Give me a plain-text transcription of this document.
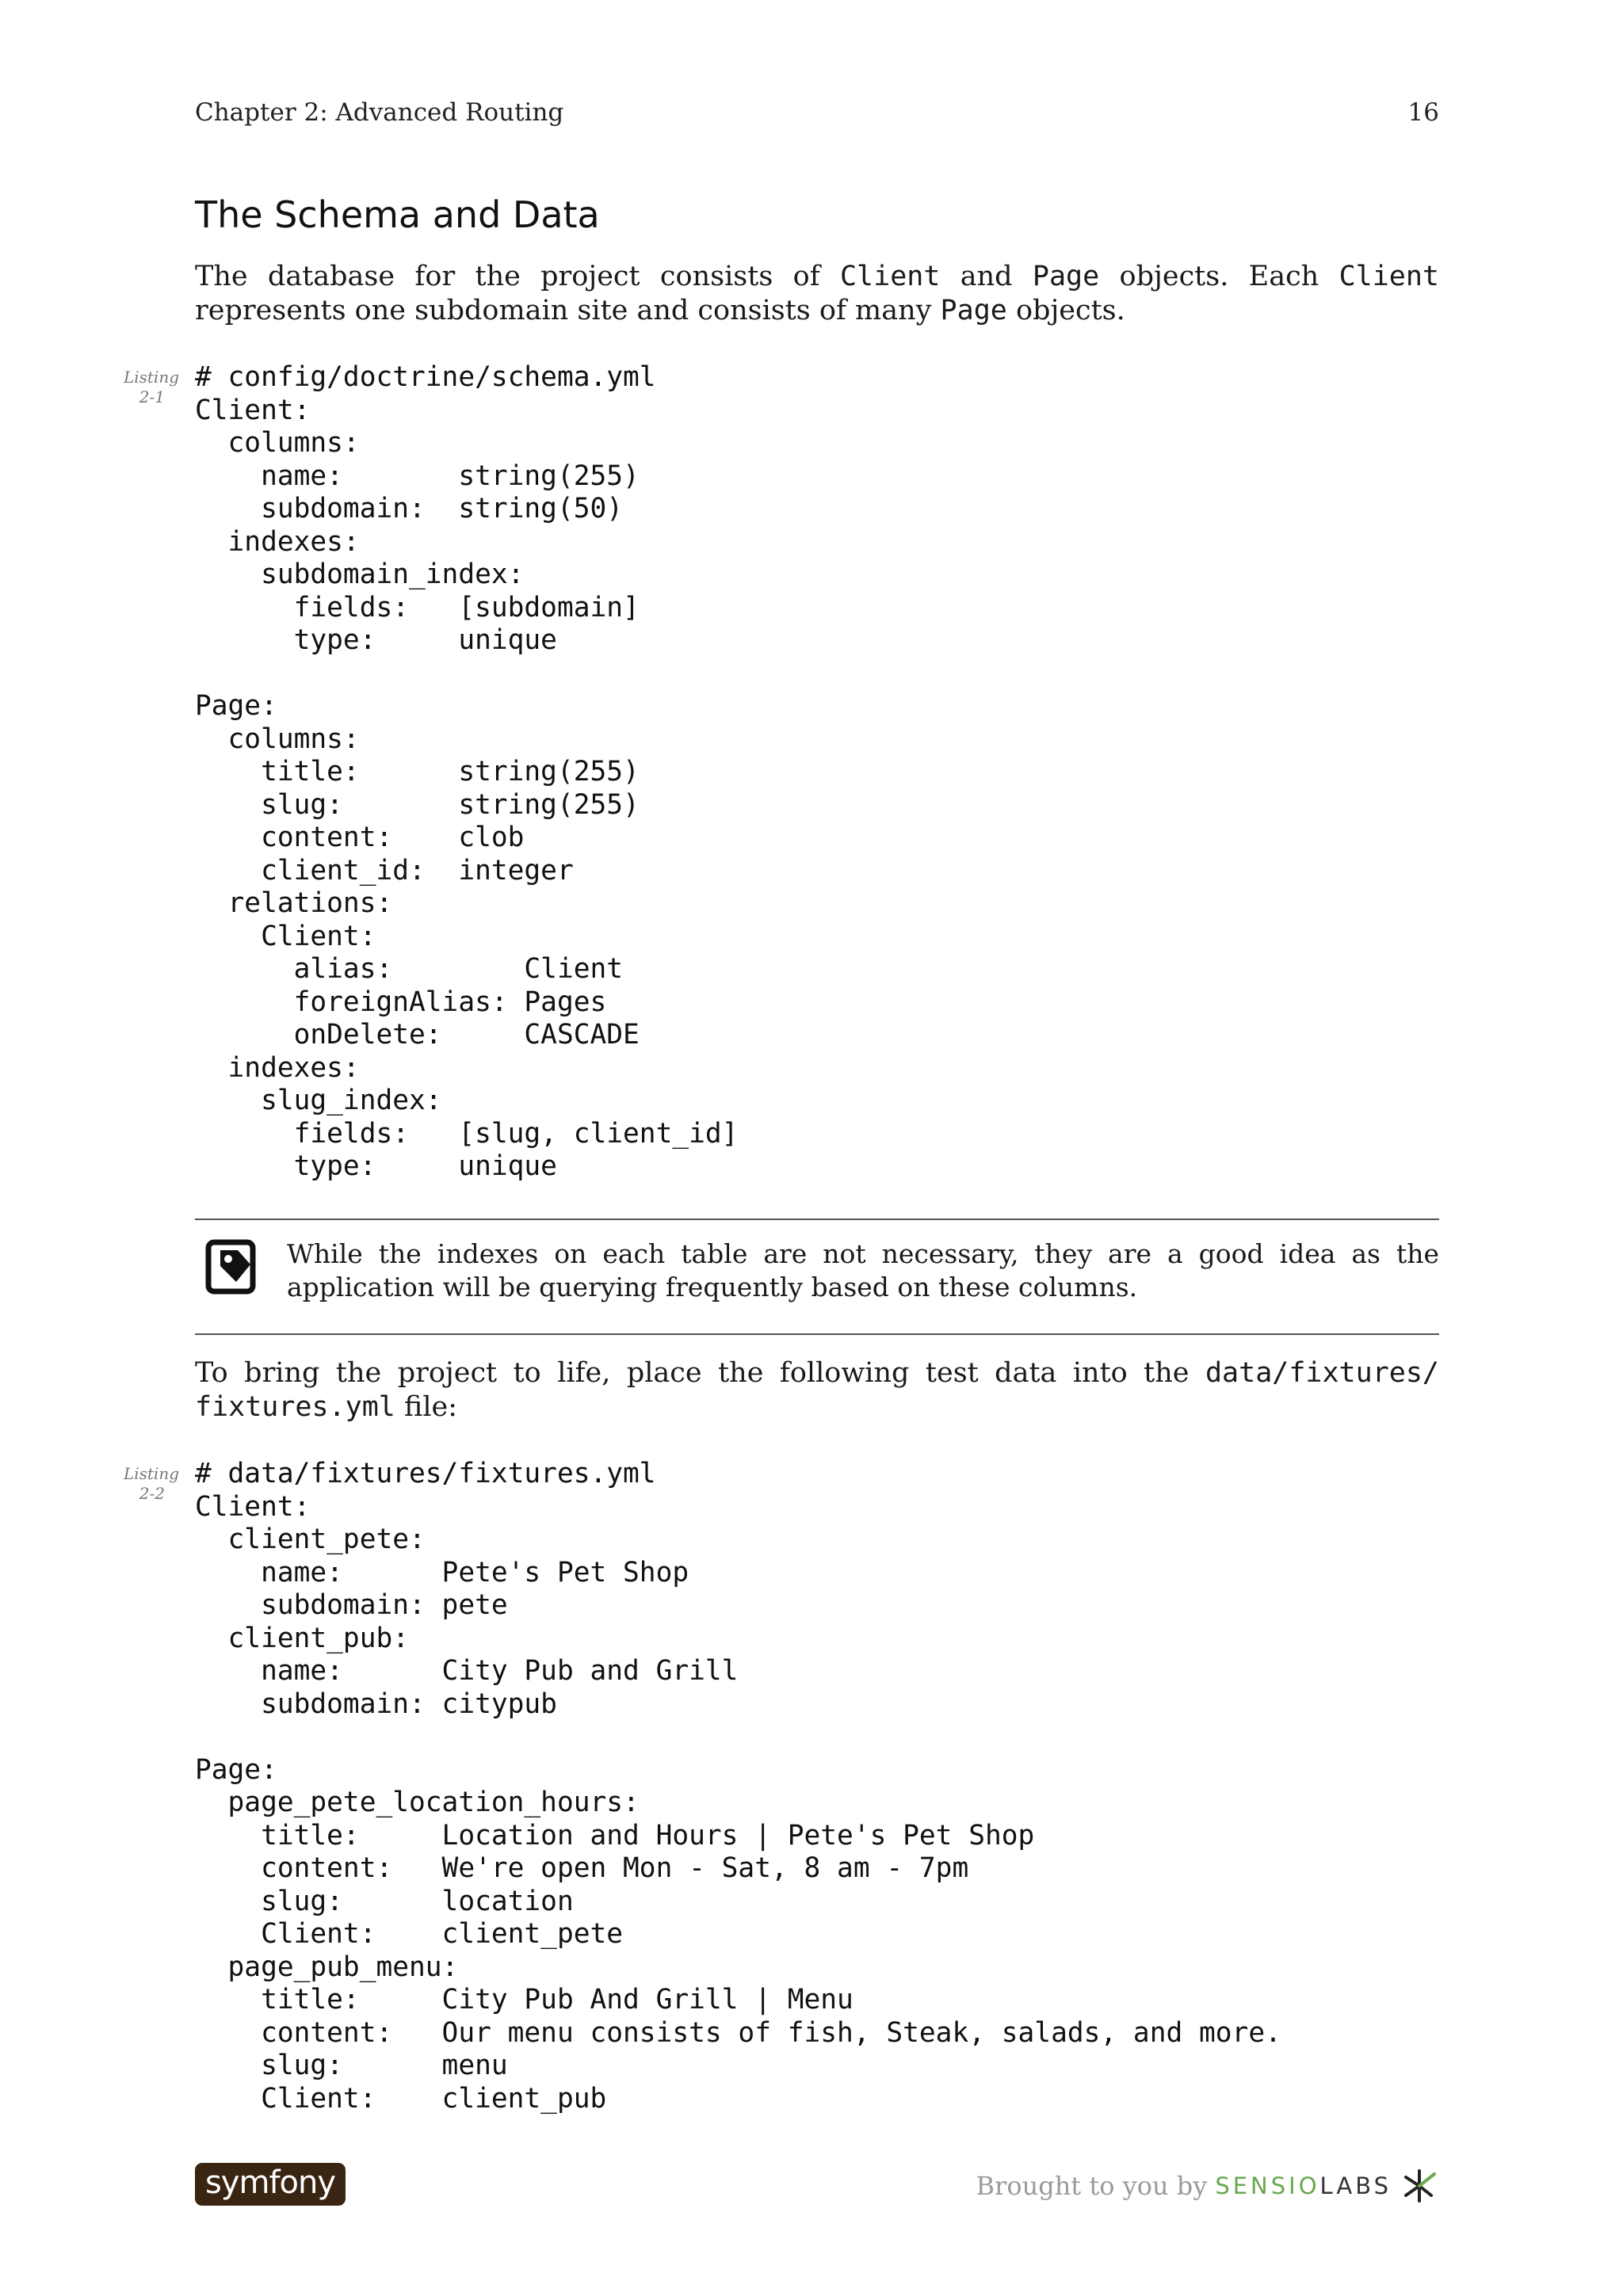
Chapter 2: Advanced Routing	16
The Schema and Data

The database for the project consists of Client and Page objects. Each Client represents one subdomain site and consists of many Page objects.

Listing
2-1
# config/doctrine/schema.yml
Client:
columns:
name:       string(255)
subdomain:  string(50)
indexes:
subdomain_index:
fields:   [subdomain]
type:     unique

Page:
columns:
title:      string(255)
slug:       string(255)
content:    clob
client_id:  integer
relations:
Client:
alias:        Client
foreignAlias: Pages
onDelete:     CASCADE
indexes:
slug_index:
fields:   [slug, client_id]
type:     unique

While the indexes on each table are not necessary, they are a good idea as the application will be querying frequently based on these columns.

To bring the project to life, place the following test data into the data/fixtures/ fixtures.yml file:

Listing
2-2
# data/fixtures/fixtures.yml
Client:
client_pete:
name:      Pete's Pet Shop
subdomain: pete
client_pub:
name:      City Pub and Grill
subdomain: citypub

Page:
page_pete_location_hours:
title:     Location and Hours | Pete's Pet Shop
content:   We're open Mon - Sat, 8 am - 7pm
slug:      location
Client:    client_pete
page_pub_menu:
title:     City Pub And Grill | Menu
content:   Our menu consists of fish, Steak, salads, and more.
slug:      menu
Client:    client_pub
symfony	Brought to you by SENSIOLABS
